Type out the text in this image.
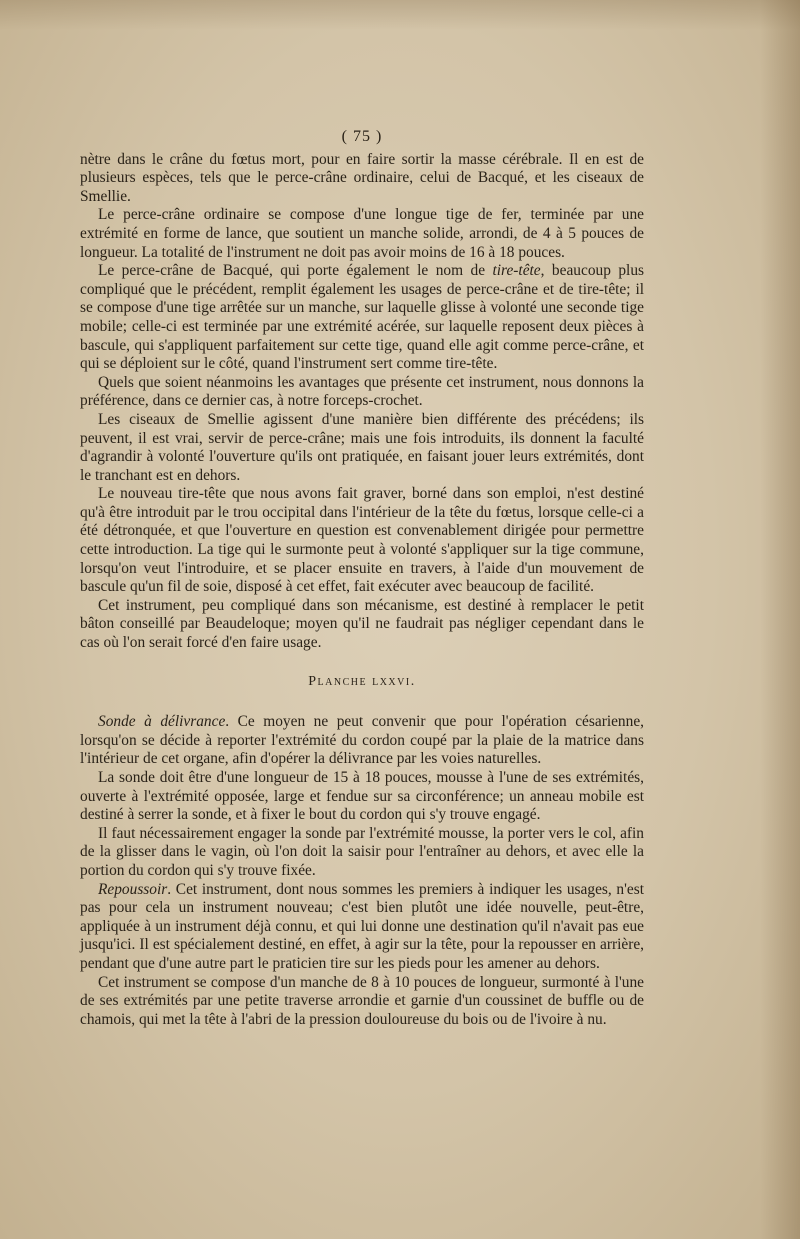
( 75 )

nètre dans le crâne du fœtus mort, pour en faire sortir la masse cérébrale. Il en est de plusieurs espèces, tels que le perce-crâne ordinaire, celui de Bacqué, et les ciseaux de Smellie.

Le perce-crâne ordinaire se compose d'une longue tige de fer, terminée par une extrémité en forme de lance, que soutient un manche solide, arrondi, de 4 à 5 pouces de longueur. La totalité de l'instrument ne doit pas avoir moins de 16 à 18 pouces.

Le perce-crâne de Bacqué, qui porte également le nom de tire-tête, beaucoup plus compliqué que le précédent, remplit également les usages de perce-crâne et de tire-tête; il se compose d'une tige arrêtée sur un manche, sur laquelle glisse à volonté une seconde tige mobile; celle-ci est terminée par une extrémité acérée, sur laquelle reposent deux pièces à bascule, qui s'appliquent parfaitement sur cette tige, quand elle agit comme perce-crâne, et qui se déploient sur le côté, quand l'instrument sert comme tire-tête.

Quels que soient néanmoins les avantages que présente cet instrument, nous donnons la préférence, dans ce dernier cas, à notre forceps-crochet.

Les ciseaux de Smellie agissent d'une manière bien différente des précédens; ils peuvent, il est vrai, servir de perce-crâne; mais une fois introduits, ils donnent la faculté d'agrandir à volonté l'ouverture qu'ils ont pratiquée, en faisant jouer leurs extrémités, dont le tranchant est en dehors.

Le nouveau tire-tête que nous avons fait graver, borné dans son emploi, n'est destiné qu'à être introduit par le trou occipital dans l'intérieur de la tête du fœtus, lorsque celle-ci a été détronquée, et que l'ouverture en question est convenablement dirigée pour permettre cette introduction. La tige qui le surmonte peut à volonté s'appliquer sur la tige commune, lorsqu'on veut l'introduire, et se placer ensuite en travers, à l'aide d'un mouvement de bascule qu'un fil de soie, disposé à cet effet, fait exécuter avec beaucoup de facilité.

Cet instrument, peu compliqué dans son mécanisme, est destiné à remplacer le petit bâton conseillé par Beaudeloque; moyen qu'il ne faudrait pas négliger cependant dans le cas où l'on serait forcé d'en faire usage.

Planche lxxvi.

Sonde à délivrance. Ce moyen ne peut convenir que pour l'opération césarienne, lorsqu'on se décide à reporter l'extrémité du cordon coupé par la plaie de la matrice dans l'intérieur de cet organe, afin d'opérer la délivrance par les voies naturelles.

La sonde doit être d'une longueur de 15 à 18 pouces, mousse à l'une de ses extrémités, ouverte à l'extrémité opposée, large et fendue sur sa circonférence; un anneau mobile est destiné à serrer la sonde, et à fixer le bout du cordon qui s'y trouve engagé.

Il faut nécessairement engager la sonde par l'extrémité mousse, la porter vers le col, afin de la glisser dans le vagin, où l'on doit la saisir pour l'entraîner au dehors, et avec elle la portion du cordon qui s'y trouve fixée.

Repoussoir. Cet instrument, dont nous sommes les premiers à indiquer les usages, n'est pas pour cela un instrument nouveau; c'est bien plutôt une idée nouvelle, peut-être, appliquée à un instrument déjà connu, et qui lui donne une destination qu'il n'avait pas eue jusqu'ici. Il est spécialement destiné, en effet, à agir sur la tête, pour la repousser en arrière, pendant que d'une autre part le praticien tire sur les pieds pour les amener au dehors.

Cet instrument se compose d'un manche de 8 à 10 pouces de longueur, surmonté à l'une de ses extrémités par une petite traverse arrondie et garnie d'un coussinet de buffle ou de chamois, qui met la tête à l'abri de la pression douloureuse du bois ou de l'ivoire à nu.
